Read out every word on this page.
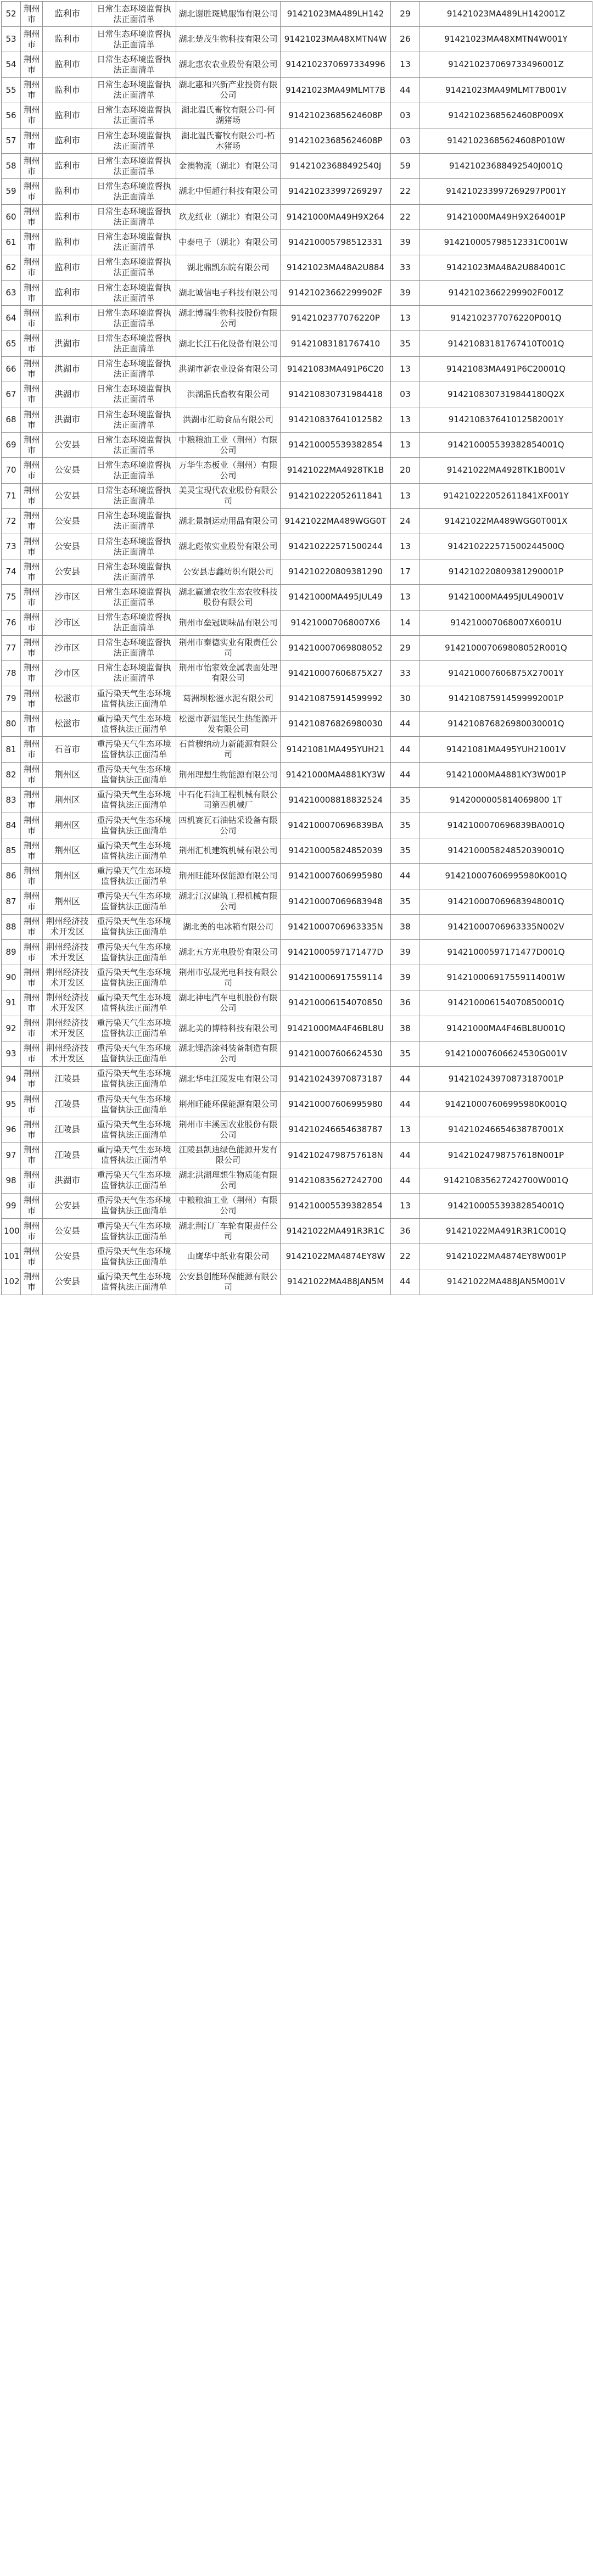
52	荆州市	监利市	日常生态环境监督执法正面清单	湖北谢胜斑鸠服饰有限公司	91421023MA489LH142	29	91421023MA489LH142001Z
53	荆州市	监利市	日常生态环境监督执法正面清单	湖北楚茂生物科技有限公司	91421023MA48XMTN4W	26	91421023MA48XMTN4W001Y
54	荆州市	监利市	日常生态环境监督执法正面清单	湖北惠农农业股份有限公司	9142102370697334996	13	914210237069733496001Z
55	荆州市	监利市	日常生态环境监督执法正面清单	湖北惠和兴新产业投资有限公司	91421023MA49MLMT7B	44	91421023MA49MLMT7B001V
56	荆州市	监利市	日常生态环境监督执法正面清单	湖北温氏畜牧有限公司-何湖猪场	91421023685624608P	03	91421023685624608P009X
57	荆州市	监利市	日常生态环境监督执法正面清单	湖北温氏畜牧有限公司-柘木猪场	91421023685624608P	03	91421023685624608P010W
58	荆州市	监利市	日常生态环境监督执法正面清单	金澳物流（湖北）有限公司	91421023688492540J	59	91421023688492540J001Q
59	荆州市	监利市	日常生态环境监督执法正面清单	湖北中恒超行科技有限公司	914210233997269297	22	914210233997269297P001Y
60	荆州市	监利市	日常生态环境监督执法正面清单	玖龙纸业（湖北）有限公司	91421000MA49H9X264	22	91421000MA49H9X264001P
61	荆州市	监利市	日常生态环境监督执法正面清单	中泰电子（湖北）有限公司	914210005798512331	39	914210005798512331C001W
62	荆州市	监利市	日常生态环境监督执法正面清单	湖北鼎凯东皖有限公司	91421023MA48A2U884	33	91421023MA48A2U884001C
63	荆州市	监利市	日常生态环境监督执法正面清单	湖北诚信电子科技有限公司	91421023662299902F	39	91421023662299902F001Z
64	荆州市	监利市	日常生态环境监督执法正面清单	湖北博瑞生物科技股份有限公司	9142102377076220P	13	9142102377076220P001Q
65	荆州市	洪湖市	日常生态环境监督执法正面清单	湖北长江石化设备有限公司	91421083181767410	35	91421083181767410T001Q
66	荆州市	洪湖市	日常生态环境监督执法正面清单	洪湖市新农业设备有限公司	91421083MA491P6C20	13	91421083MA491P6C20001Q
67	荆州市	洪湖市	日常生态环境监督执法正面清单	洪湖温氏畜牧有限公司	914210830731984418	03	9142108307319844180Q2X
68	荆州市	洪湖市	日常生态环境监督执法正面清单	洪湖市汇助食品有限公司	914210837641012582	13	914210837641012582001Y
69	荆州市	公安县	日常生态环境监督执法正面清单	中粮粮油工业（荆州）有限公司	914210005539382854	13	914210005539382854001Q
70	荆州市	公安县	日常生态环境监督执法正面清单	万华生态板业（荆州）有限公司	91421022MA4928TK1B	20	91421022MA4928TK1B001V
71	荆州市	公安县	日常生态环境监督执法正面清单	美灵宝现代农业股份有限公司	914210222052611841	13	914210222052611841XF001Y
72	荆州市	公安县	日常生态环境监督执法正面清单	湖北景制运动用品有限公司	91421022MA489WGG0T	24	91421022MA489WGG0T001X
73	荆州市	公安县	日常生态环境监督执法正面清单	湖北彪侬实业股份有限公司	914210222571500244	13	914210222571500244500Q
74	荆州市	公安县	日常生态环境监督执法正面清单	公安县志鑫纺织有限公司	914210220809381290	17	914210220809381290001P
75	荆州市	沙市区	日常生态环境监督执法正面清单	湖北赢道农牧生态农牧科技股份有限公司	91421000MA495JUL49	13	91421000MA495JUL49001V
76	荆州市	沙市区	日常生态环境监督执法正面清单	荆州市垒冠调味品有限公司	914210007068007X6	14	914210007068007X6001U
77	荆州市	沙市区	日常生态环境监督执法正面清单	荆州市秦德实业有限责任公司	914210007069808052	29	914210007069808052R001Q
78	荆州市	沙市区	日常生态环境监督执法正面清单	荆州市怡家效金属表面处理有限公司	914210007606875X27	33	914210007606875X27001Y
79	荆州市	松滋市	重污染天气生态环境监督执法正面清单	葛洲坝松滋水泥有限公司	914210875914599992	30	914210875914599992001P
80	荆州市	松滋市	重污染天气生态环境监督执法正面清单	松滋市新温能民生热能源开发有限公司	914210876826980030	44	914210876826980030001Q
81	荆州市	石首市	重污染天气生态环境监督执法正面清单	石首穆纳动力新能源有限公司	91421081MA495YUH21	44	91421081MA495YUH21001V
82	荆州市	荆州区	重污染天气生态环境监督执法正面清单	荆州理想生物能源有限公司	91421000MA4881KY3W	44	91421000MA4881KY3W001P
83	荆州市	荆州区	重污染天气生态环境监督执法正面清单	中石化石油工程机械有限公司第四机械厂	914210008818832524	35	9142000005814069800 1T
84	荆州市	荆州区	重污染天气生态环境监督执法正面清单	四机赛瓦石油钻采设备有限公司	9142100070696839BA	35	9142100070696839BA001Q
85	荆州市	荆州区	重污染天气生态环境监督执法正面清单	荆州汇机建筑机械有限公司	914210005824852039	35	914210005824852039001Q
86	荆州市	荆州区	重污染天气生态环境监督执法正面清单	荆州旺能环保能源有限公司	914210007606995980	44	914210007606995980K001Q
87	荆州市	荆州区	重污染天气生态环境监督执法正面清单	湖北江汉建筑工程机械有限公司	914210007069683948	35	914210007069683948001Q
88	荆州市	荆州经济技术开发区	重污染天气生态环境监督执法正面清单	湖北美的电冰箱有限公司	91421000706963335N	38	91421000706963335N002V
89	荆州市	荆州经济技术开发区	重污染天气生态环境监督执法正面清单	湖北五方光电股份有限公司	91421000597171477D	39	91421000597171477D001Q
90	荆州市	荆州经济技术开发区	重污染天气生态环境监督执法正面清单	荆州市弘晟光电科技有限公司	914210006917559114	39	914210006917559114001W
91	荆州市	荆州经济技术开发区	重污染天气生态环境监督执法正面清单	湖北神电汽车电机股份有限公司	914210006154070850	36	914210006154070850001Q
92	荆州市	荆州经济技术开发区	重污染天气生态环境监督执法正面清单	湖北美的博特科技有限公司	91421000MA4F46BL8U	38	91421000MA4F46BL8U001Q
93	荆州市	荆州经济技术开发区	重污染天气生态环境监督执法正面清单	湖北锂浩涂料装备制造有限公司	914210007606624530	35	914210007606624530G001V
94	荆州市	江陵县	重污染天气生态环境监督执法正面清单	湖北华电江陵发电有限公司	914210243970873187	44	914210243970873187001P
95	荆州市	江陵县	重污染天气生态环境监督执法正面清单	荆州旺能环保能源有限公司	914210007606995980	44	914210007606995980K001Q
96	荆州市	江陵县	重污染天气生态环境监督执法正面清单	荆州市丰溪园农业股份有限公司	914210246654638787	13	914210246654638787001X
97	荆州市	江陵县	重污染天气生态环境监督执法正面清单	江陵县凯迪绿色能源开发有限公司	91421024798757618N	44	91421024798757618N001P
98	荆州市	洪湖市	重污染天气生态环境监督执法正面清单	湖北洪湖理想生物质能有限公司	914210835627242700	44	914210835627242700W001Q
99	荆州市	公安县	重污染天气生态环境监督执法正面清单	中粮粮油工业（荆州）有限公司	914210005539382854	13	914210005539382854001Q
100	荆州市	公安县	重污染天气生态环境监督执法正面清单	湖北荆江厂车轮有限责任公司	91421022MA491R3R1C	36	91421022MA491R3R1C001Q
101	荆州市	公安县	重污染天气生态环境监督执法正面清单	山鹰华中纸业有限公司	91421022MA4874EY8W	22	91421022MA4874EY8W001P
102	荆州市	公安县	重污染天气生态环境监督执法正面清单	公安县创能环保能源有限公司	91421022MA488JAN5M	44	91421022MA488JAN5M001V
